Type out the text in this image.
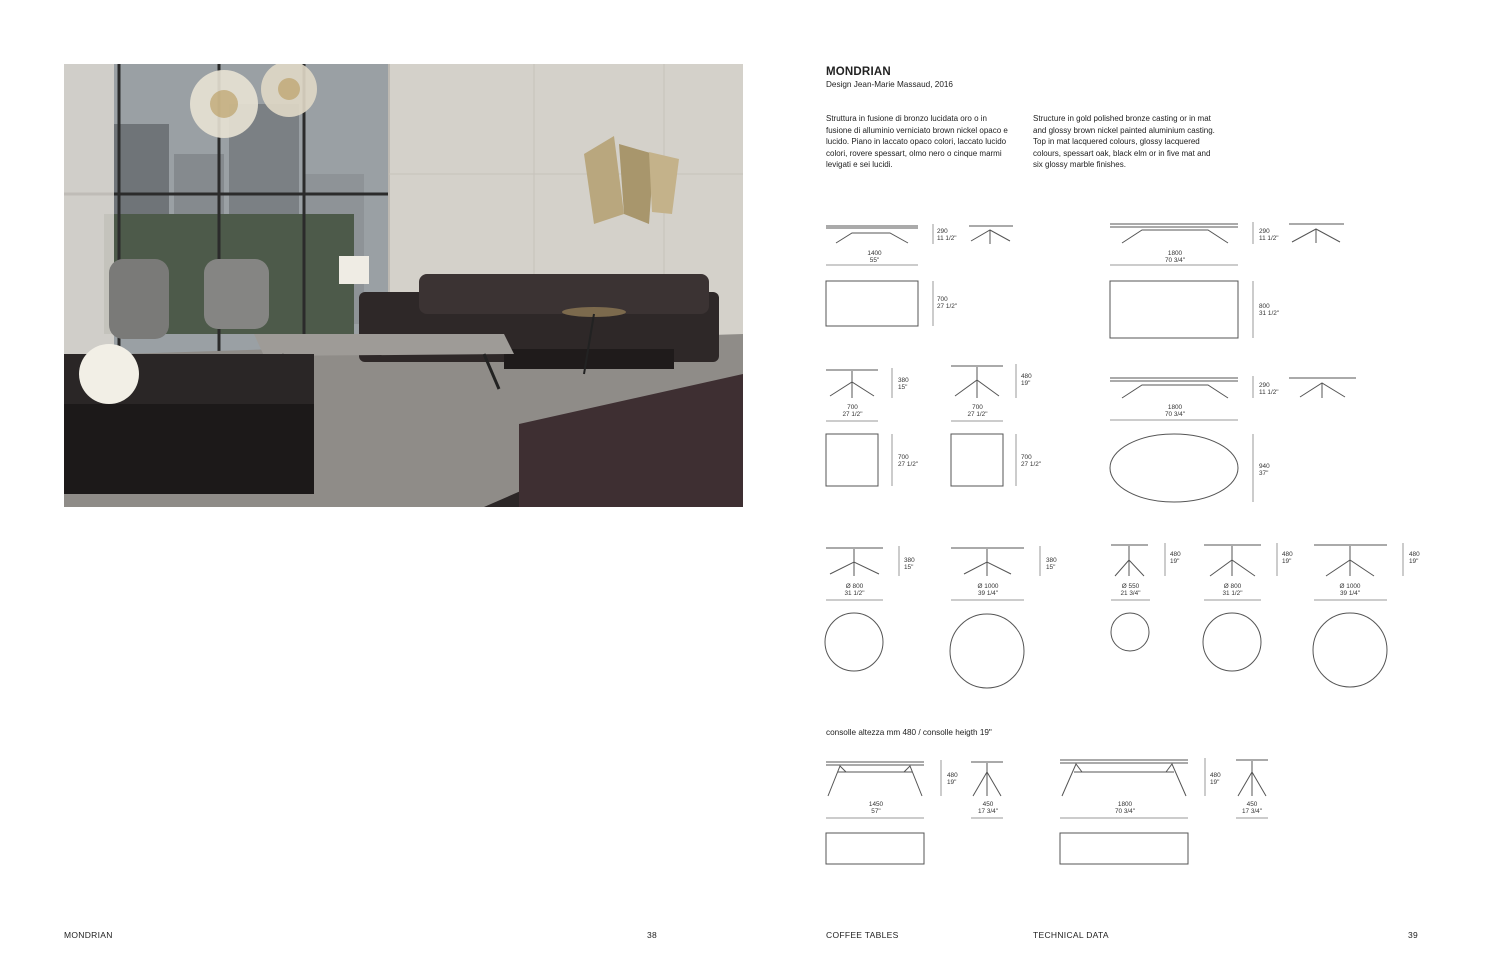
MONDRIAN
Design Jean-Marie Massaud, 2016
Struttura in fusione di bronzo lucidata oro o in fusione di alluminio verniciato brown nickel opaco e lucido. Piano in laccato opaco colori, laccato lucido colori, rovere spessart, olmo nero o cinque marmi levigati e sei lucidi.
Structure in gold polished bronze casting or in mat and glossy brown nickel painted aluminium casting. Top in mat lacquered colours, glossy lacquered colours, spessart oak, black elm or in five mat and six glossy marble finishes.
1400
55"
290
11 1/2"
700
27 1/2"
1800
70 3/4"
290
11 1/2"
800
31 1/2"
700
27 1/2"
380
15"
700
27 1/2"
700
27 1/2"
480
19"
700
27 1/2"
1800
70 3/4"
290
11 1/2"
940
37"
Ø 800
31 1/2"
380
15"
Ø 1000
39 1/4"
380
15"
Ø 550
21 3/4"
480
19"
Ø 800
31 1/2"
480
19"
Ø 1000
39 1/4"
480
19"
consolle altezza mm 480 / consolle heigth 19"
1450
57"
480
19"
450
17 3/4"
1800
70 3/4"
480
19"
450
17 3/4"
MONDRIAN	38	COFFEE TABLES	TECHNICAL DATA	39
